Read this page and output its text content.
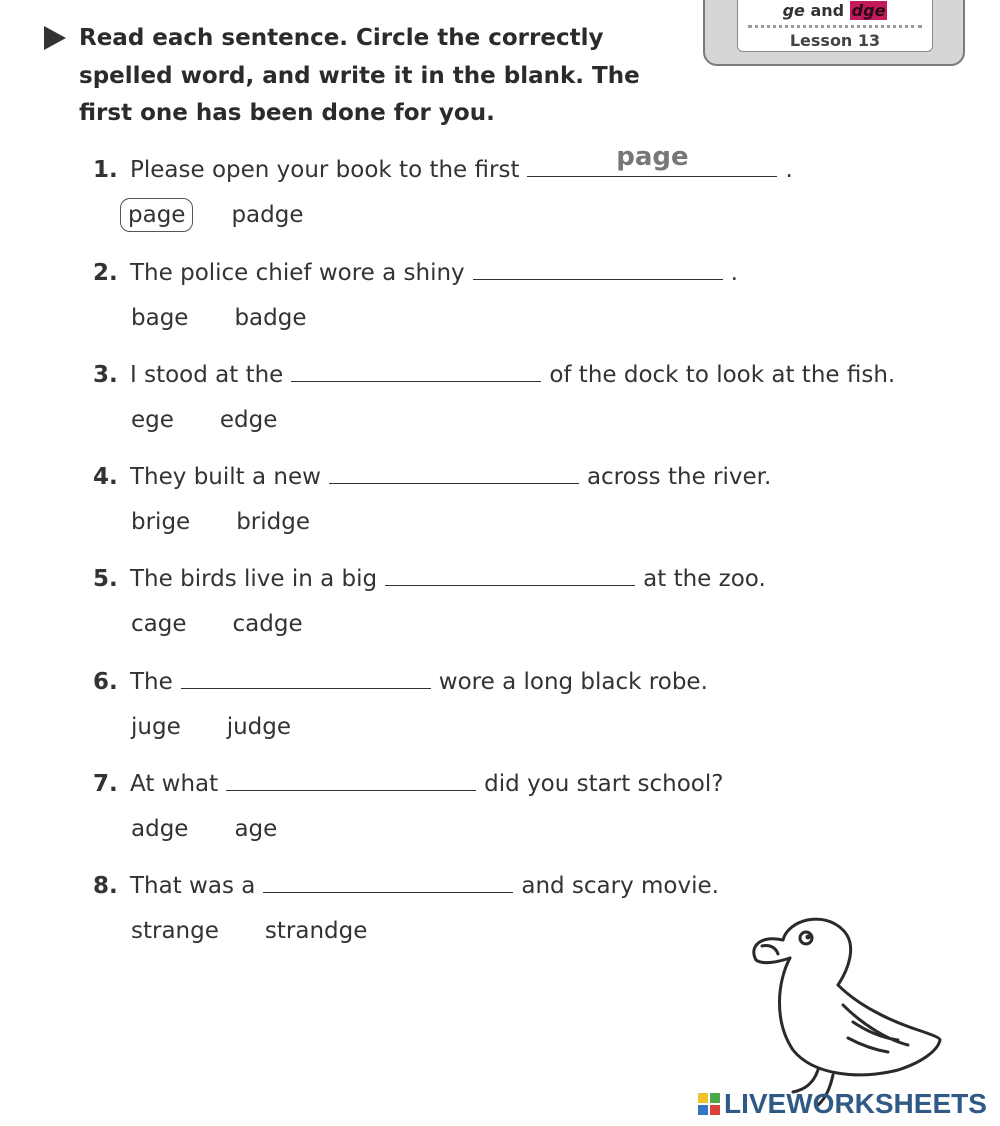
ge and dge
Lesson 13

Read each sentence. Circle the correctly spelled word, and write it in the blank. The first one has been done for you.

1. Please open your book to the first	page	.
page padge
2. The police chief wore a shiny	.
bage badge
3. I stood at the	of the dock to look at the fish.
ege edge
4. They built a new	across the river.
brige bridge
5. The birds live in a big	at the zoo.
cage cadge
6. The	wore a long black robe.
juge judge
7. At what	did you start school?
adge age
8. That was a	and scary movie.
strange strandge
LIVEWORKSHEETS
